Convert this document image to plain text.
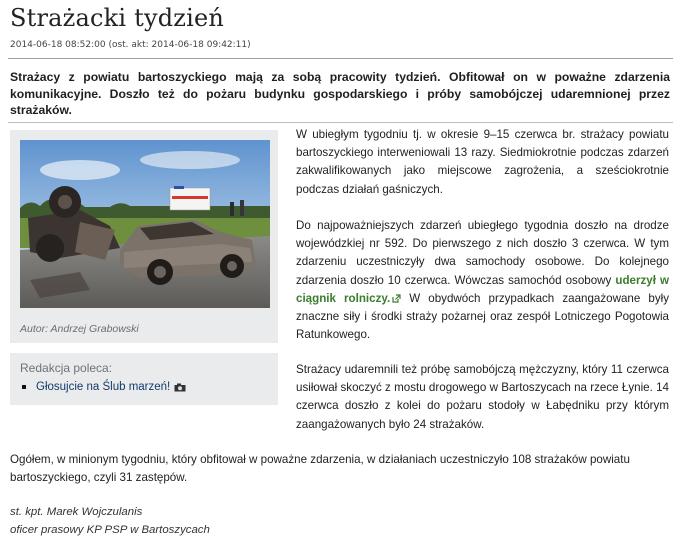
Strażacki tydzień
2014-06-18 08:52:00 (ost. akt: 2014-06-18 09:42:11)
Strażacy z powiatu bartoszyckiego mają za sobą pracowity tydzień. Obfitował on w poważne zdarzenia komunikacyjne. Doszło też do pożaru budynku gospodarskiego i próby samobójczej udaremnionej przez strażaków.
Autor: Andrzej Grabowski
Redakcja poleca:
Głosujcie na Ślub marzeń!

W ubiegłym tygodniu tj. w okresie 9–15 czerwca br. strażacy powiatu bartoszyckiego interweniowali 13 razy. Siedmiokrotnie podczas zdarzeń zakwalifikowanych jako miejscowe zagrożenia, a sześciokrotnie podczas działań gaśniczych.

Do najpoważniejszych zdarzeń ubiegłego tygodnia doszło na drodze wojewódzkiej nr 592. Do pierwszego z nich doszło 3 czerwca. W tym zdarzeniu uczestniczyły dwa samochody osobowe. Do kolejnego zdarzenia doszło 10 czerwca. Wówczas samochód osobowy uderzył w ciągnik rolniczy. W obydwóch przypadkach zaangażowane były znaczne siły i środki straży pożarnej oraz zespół Lotniczego Pogotowia Ratunkowego.

Strażacy udaremnili też próbę samobójczą mężczyzny, który 11 czerwca usiłował skoczyć z mostu drogowego w Bartoszycach na rzece Łynie. 14 czerwca doszło z kolei do pożaru stodoły w Łabędniku przy którym zaangażowanych było 24 strażaków.

Ogółem, w minionym tygodniu, który obfitował w poważne zdarzenia, w działaniach uczestniczyło 108 strażaków powiatu bartoszyckiego, czyli 31 zastępów.

st. kpt. Marek Wojczulanis
oficer prasowy KP PSP w Bartoszycach
